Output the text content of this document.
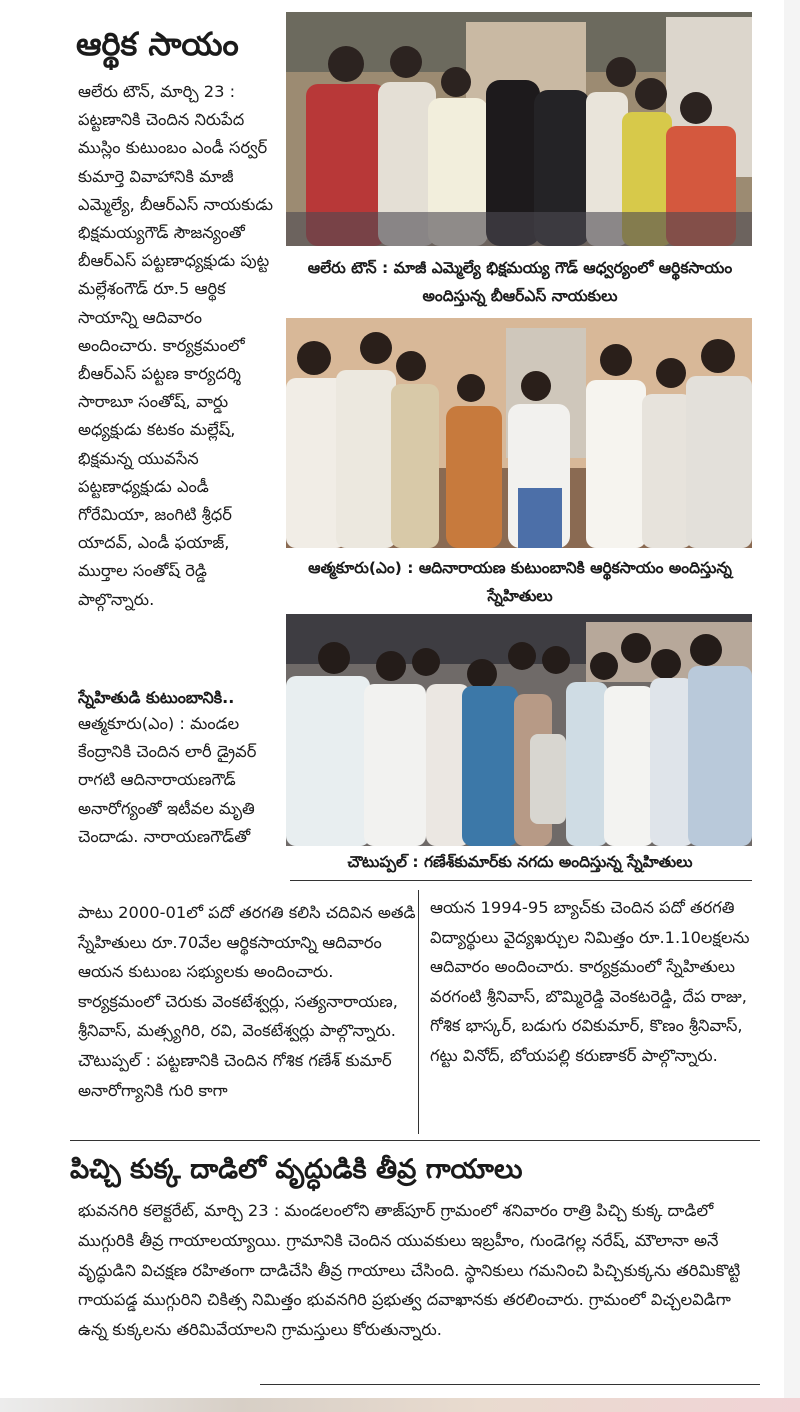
ఆర్థిక సాయం

ఆలేరు టౌన్, మార్చి 23 : పట్టణానికి చెందిన నిరుపేద ముస్లిం కుటుంబం ఎండీ సర్వర్ కుమార్తె వివాహానికి మాజీ ఎమ్మెల్యే, బీఆర్ఎస్ నాయకుడు భిక్షమయ్యగౌడ్ సౌజన్యంతో బీఆర్ఎస్ పట్టణాధ్యక్షుడు పుట్ట మల్లేశంగౌడ్ రూ.5 ఆర్థిక సాయాన్ని ఆదివారం అందించారు. కార్యక్రమంలో బీఆర్ఎస్ పట్టణ కార్యదర్శి సారాబూ సంతోష్, వార్డు అధ్యక్షుడు కటకం మల్లేష్, భిక్షమన్న యువసేన పట్టణాధ్యక్షుడు ఎండీ గోరేమియా, జంగిటి శ్రీధర్ యాదవ్, ఎండీ ఫయాజ్, ముర్తాల సంతోష్ రెడ్డి పాల్గొన్నారు.

స్నేహితుడి కుటుంబానికి..

ఆత్మకూరు(ఎం) : మండల కేంద్రానికి చెందిన లారీ డ్రైవర్ రాగటి ఆదినారాయణగౌడ్ అనారోగ్యంతో ఇటీవల మృతి చెందాడు. నారాయణగౌడ్‌తో

ఆలేరు టౌన్ : మాజీ ఎమ్మెల్యే భిక్షమయ్య గౌడ్ ఆధ్వర్యంలో ఆర్థికసాయం అందిస్తున్న బీఆర్ఎస్ నాయకులు

ఆత్మకూరు(ఎం) : ఆదినారాయణ కుటుంబానికి ఆర్థికసాయం అందిస్తున్న స్నేహితులు

చౌటుప్పల్ : గణేశ్‌కుమార్‌కు నగదు అందిస్తున్న స్నేహితులు

పాటు 2000-01లో పదో తరగతి కలిసి చదివిన అతడి స్నేహితులు రూ.70వేల ఆర్థికసాయాన్ని ఆదివారం ఆయన కుటుంబ సభ్యులకు అందించారు. కార్యక్రమంలో చెరుకు వెంకటేశ్వర్లు, సత్యనారాయణ, శ్రీనివాస్, మత్స్యగిరి, రవి, వెంకటేశ్వర్లు పాల్గొన్నారు. చౌటుప్పల్ : పట్టణానికి చెందిన గోశిక గణేశ్ కుమార్ అనారోగ్యానికి గురి కాగా

ఆయన 1994-95 బ్యాచ్‌కు చెందిన పదో తరగతి విద్యార్థులు వైద్యఖర్చుల నిమిత్తం రూ.1.10లక్షలను ఆదివారం అందించారు. కార్యక్రమంలో స్నేహితులు వరగంటి శ్రీనివాస్, బొమ్మిరెడ్డి వెంకటరెడ్డి, దేప రాజు, గోశిక భాస్కర్, బడుగు రవికుమార్, కొణం శ్రీనివాస్, గట్టు వినోద్, బోయపల్లి కరుణాకర్ పాల్గొన్నారు.

పిచ్చి కుక్క దాడిలో వృద్ధుడికి తీవ్ర గాయాలు

భువనగిరి కలెక్టరేట్, మార్చి 23 : మండలంలోని తాజ్‌పూర్ గ్రామంలో శనివారం రాత్రి పిచ్చి కుక్క దాడిలో ముగ్గురికి తీవ్ర గాయాలయ్యాయి. గ్రామానికి చెందిన యువకులు ఇబ్రహీం, గుండెగల్ల నరేష్, మౌలానా అనే వృద్ధుడిని విచక్షణ రహితంగా దాడిచేసి తీవ్ర గాయాలు చేసింది. స్థానికులు గమనించి పిచ్చికుక్కను తరిమికొట్టి గాయపడ్డ ముగ్గురిని చికిత్స నిమిత్తం భువనగిరి ప్రభుత్వ దవాఖానకు తరలించారు. గ్రామంలో విచ్చలవిడిగా ఉన్న కుక్కలను తరిమివేయాలని గ్రామస్తులు కోరుతున్నారు.
